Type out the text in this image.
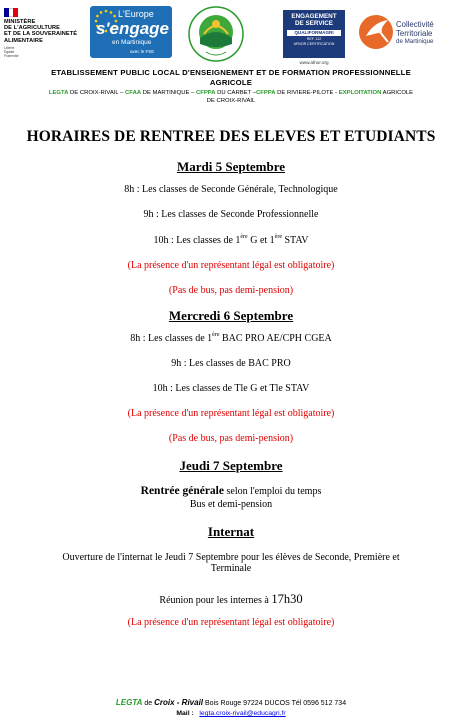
MINISTÈRE
DE L'AGRICULTURE
ET DE LA SOUVERAINETÉ
ALIMENTAIRE
Liberté
Égalité
Fraternité
L'Europe
s'engage
en Martinique
avec le FSE
ENGAGEMENT
DE SERVICE
QUALIFORMAGRI
REF. 112
AFNOR CERTIFICATION
www.afnor.org
Collectivité
Territoriale
de Martinique
ETABLISSEMENT PUBLIC LOCAL D'ENSEIGNEMENT ET DE FORMATION PROFESSIONNELLE
AGRICOLE
LEGTA DE CROIX-RIVAIL – CFAA DE MARTINIQUE – CFPPA DU CARBET –CFPPA DE RIVIERE-PILOTE - EXPLOITATION AGRICOLE
DE CROIX-RIVAIL
HORAIRES DE RENTREE DES ELEVES ET ETUDIANTS
Mardi 5 Septembre
8h : Les classes de Seconde Générale, Technologique
9h : Les classes de Seconde Professionnelle
10h : Les classes de 1ère G et 1ère STAV
(La présence d'un représentant légal est obligatoire)
(Pas de bus, pas demi-pension)
Mercredi 6 Septembre
8h : Les classes de 1ère BAC PRO AE/CPH CGEA
9h : Les classes de BAC PRO
10h : Les classes de Tle G et Tle STAV
(La présence d'un représentant légal est obligatoire)
(Pas de bus, pas demi-pension)
Jeudi 7 Septembre
Rentrée générale selon l'emploi du temps
Bus et demi-pension
Internat
Ouverture de l'internat le Jeudi 7 Septembre pour les élèves de Seconde, Première et
Terminale
Réunion pour les internes à 17h30
(La présence d'un représentant légal est obligatoire)
LEGTA de Croix - Rivail Bois Rouge 97224 DUCOS Tél 0596 512 734
Mail : legta.croix-rivail@educagri.fr
